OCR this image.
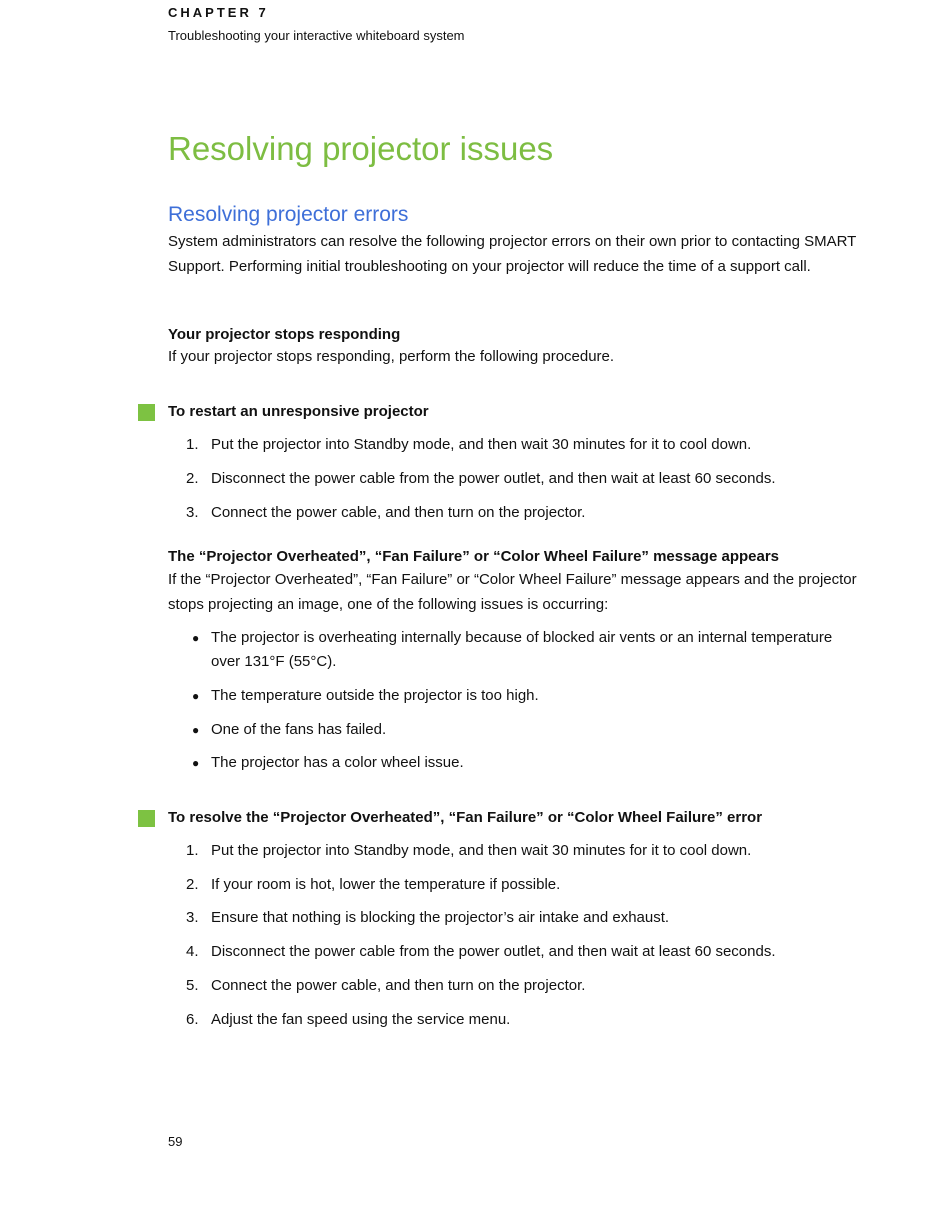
CHAPTER 7
Troubleshooting your interactive whiteboard system
Resolving projector issues
Resolving projector errors

System administrators can resolve the following projector errors on their own prior to contacting SMART Support. Performing initial troubleshooting on your projector will reduce the time of a support call.

Your projector stops responding

If your projector stops responding, perform the following procedure.

To restart an unresponsive projector
1. Put the projector into Standby mode, and then wait 30 minutes for it to cool down.
2. Disconnect the power cable from the power outlet, and then wait at least 60 seconds.
3. Connect the power cable, and then turn on the projector.

The “Projector Overheated”, “Fan Failure” or “Color Wheel Failure” message appears

If the “Projector Overheated”, “Fan Failure” or “Color Wheel Failure” message appears and the projector stops projecting an image, one of the following issues is occurring:

● The projector is overheating internally because of blocked air vents or an internal temperature over 131°F (55°C).
● The temperature outside the projector is too high.
● One of the fans has failed.
● The projector has a color wheel issue.
To resolve the “Projector Overheated”, “Fan Failure” or “Color Wheel Failure” error
1. Put the projector into Standby mode, and then wait 30 minutes for it to cool down.
2. If your room is hot, lower the temperature if possible.
3. Ensure that nothing is blocking the projector’s air intake and exhaust.
4. Disconnect the power cable from the power outlet, and then wait at least 60 seconds.
5. Connect the power cable, and then turn on the projector.
6. Adjust the fan speed using the service menu.
59
